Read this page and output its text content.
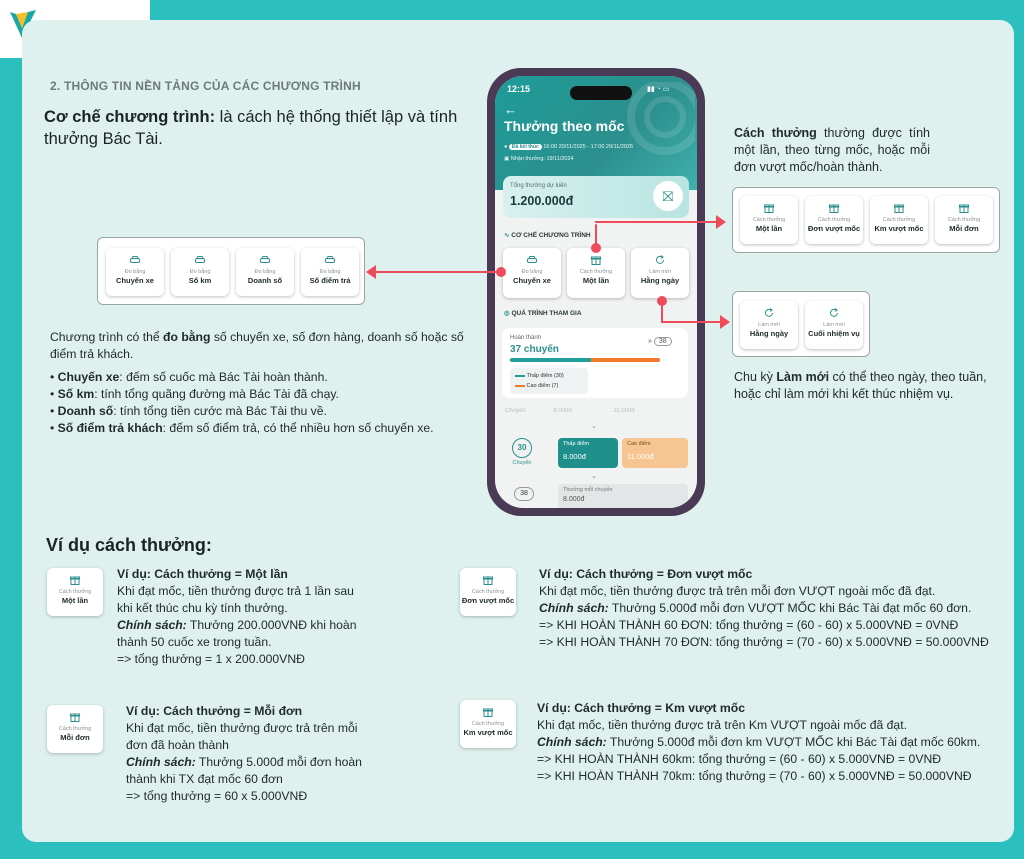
2. THÔNG TIN NỀN TẢNG CỦA CÁC CHƯƠNG TRÌNH
Cơ chế chương trình: là cách hệ thống thiết lập và tính thưởng Bác Tài.
Đo bằng
Chuyến xe
Đo bằng
Số km
Đo bằng
Doanh số
Đo bằng
Số điểm trả
Cách thưởng
Một lần
Cách thưởng
Đơn vượt mốc
Cách thưởng
Km vượt mốc
Cách thưởng
Mỗi đơn
Làm mới
Hằng ngày
Làm mới
Cuối nhiệm vụ
Cách thưởng thường được tính một lần, theo từng mốc, hoặc mỗi đơn vượt mốc/hoàn thành.
Chu kỳ Làm mới có thể theo ngày, theo tuần, hoặc chỉ làm mới khi kết thúc nhiệm vụ.
Chương trình có thể đo bằng số chuyến xe, số đơn hàng, doanh số hoặc số điểm trả khách.
• Chuyến xe: đếm số cuốc mà Bác Tài hoàn thành.
• Số km: tính tổng quãng đường mà Bác Tài đã chạy.
• Doanh số: tính tổng tiền cước mà Bác Tài thu về.
• Số điểm trả khách: đếm số điểm trả, có thể nhiều hơn số chuyến xe.
12:15	▮▮ ◔ ▭
←
Thưởng theo mốc
● Đã kết thúc 16:00 20/11/2025 - 17:00 20/11/2025
▣ Nhận thưởng: 19/11/2024
Tổng thưởng dự kiến
1.200.000đ	⛝
∿ CƠ CHẾ CHƯƠNG TRÌNH
◎ QUÁ TRÌNH THAM GIA
Hoàn thành
37 chuyến
» 38
Thấp điểm (30)
Cao điểm (7)
Chuyến	8.000đ	11.000đ
⌄
30
Chuyến
Thấp điểm
8.000đ
Cao điểm
11.000đ
⌄
38	Thưởng mỗi chuyến
8.000đ
Đo bằng
Chuyến xe
Cách thưởng
Một lần
Làm mới
Hằng ngày
Ví dụ cách thưởng:
Cách thưởng
Một lần
Ví dụ: Cách thưởng = Một lần
Khi đạt mốc, tiền thưởng được trả 1 lần sau
khi kết thúc chu kỳ tính thưởng.
Chính sách: Thưởng 200.000VNĐ khi hoàn
thành 50 cuốc xe trong tuần.
=> tổng thưởng = 1 x 200.000VNĐ
Cách thưởng
Đơn vượt mốc
Ví dụ: Cách thưởng = Đơn vượt mốc
Khi đạt mốc, tiền thưởng được trả trên mỗi đơn VƯỢT ngoài mốc đã đạt.
Chính sách: Thưởng 5.000đ mỗi đơn VƯỢT MỐC khi Bác Tài đạt mốc 60 đơn.
=> KHI HOÀN THÀNH 60 ĐƠN: tổng thưởng = (60 - 60) x 5.000VNĐ = 0VNĐ
=> KHI HOÀN THÀNH 70 ĐƠN: tổng thưởng = (70 - 60) x 5.000VNĐ = 50.000VNĐ
Cách thưởng
Mỗi đơn
Ví dụ: Cách thưởng = Mỗi đơn
Khi đạt mốc, tiền thưởng được trả trên mỗi
đơn đã hoàn thành
Chính sách: Thưởng 5.000đ mỗi đơn hoàn
thành khi TX đạt mốc 60 đơn
=> tổng thưởng = 60 x 5.000VNĐ
Cách thưởng
Km vượt mốc
Ví dụ: Cách thưởng = Km vượt mốc
Khi đạt mốc, tiền thưởng được trả trên Km VƯỢT ngoài mốc đã đạt.
Chính sách: Thưởng 5.000đ mỗi đơn km VƯỢT MỐC khi Bác Tài đạt mốc 60km.
=> KHI HOÀN THÀNH 60km: tổng thưởng = (60 - 60) x 5.000VNĐ = 0VNĐ
=> KHI HOÀN THÀNH 70km: tổng thưởng = (70 - 60) x 5.000VNĐ = 50.000VNĐ
